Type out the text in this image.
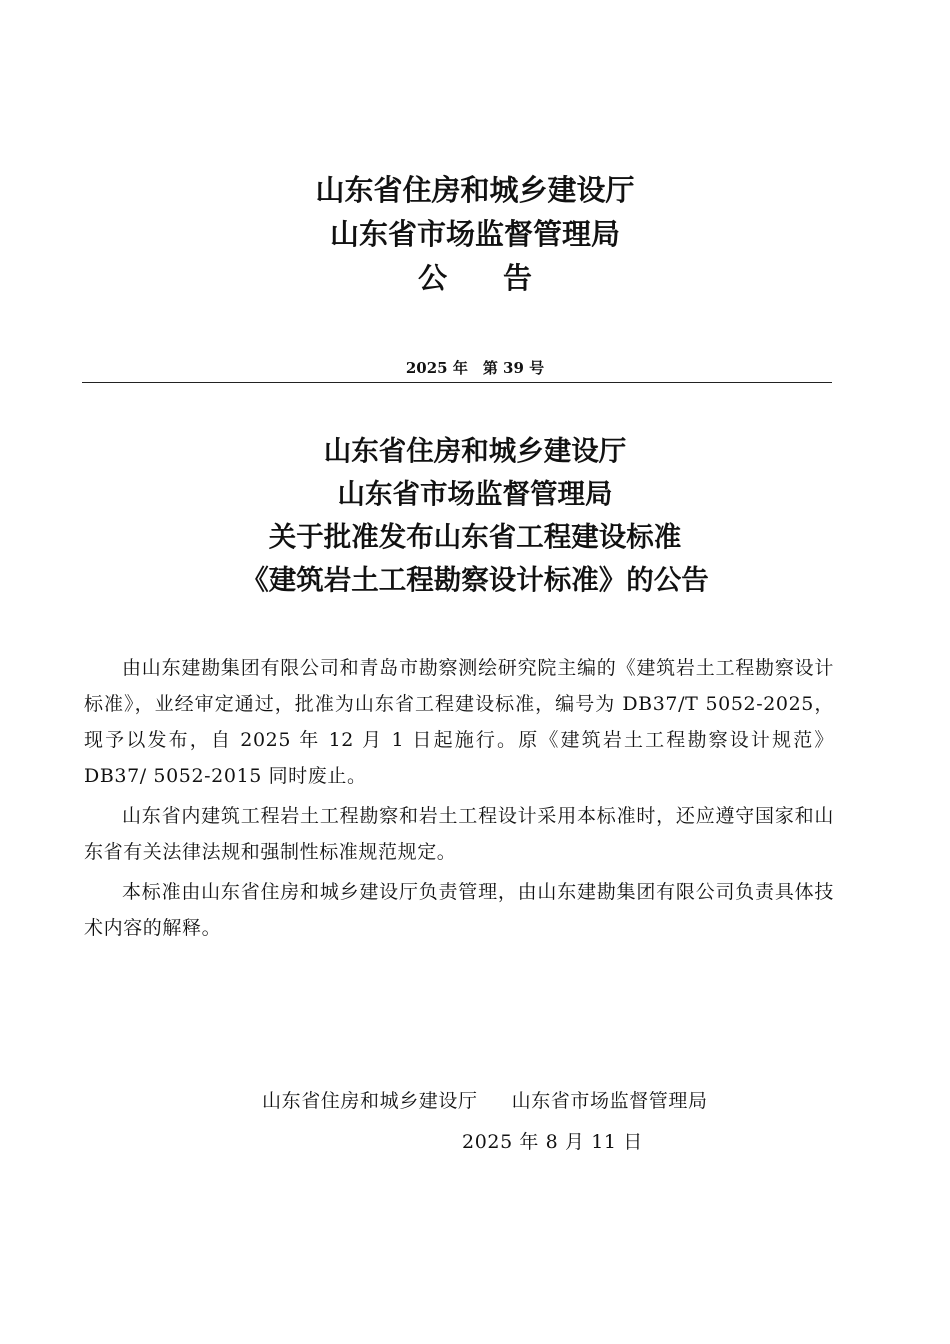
山东省住房和城乡建设厅
山东省市场监督管理局
公告
2025 年　第 39 号
山东省住房和城乡建设厅
山东省市场监督管理局
关于批准发布山东省工程建设标准
《建筑岩土工程勘察设计标准》的公告

由山东建勘集团有限公司和青岛市勘察测绘研究院主编的《建筑岩土工程勘察设计标准》，业经审定通过，批准为山东省工程建设标准，编号为 DB37/T 5052-2025，现予以发布，自 2025 年 12 月 1 日起施行。原《建筑岩土工程勘察设计规范》DB37/ 5052-2015 同时废止。

山东省内建筑工程岩土工程勘察和岩土工程设计采用本标准时，还应遵守国家和山东省有关法律法规和强制性标准规范规定。

本标准由山东省住房和城乡建设厅负责管理，由山东建勘集团有限公司负责具体技术内容的解释。

山东省住房和城乡建设厅 山东省市场监督管理局
2025 年 8 月 11 日
